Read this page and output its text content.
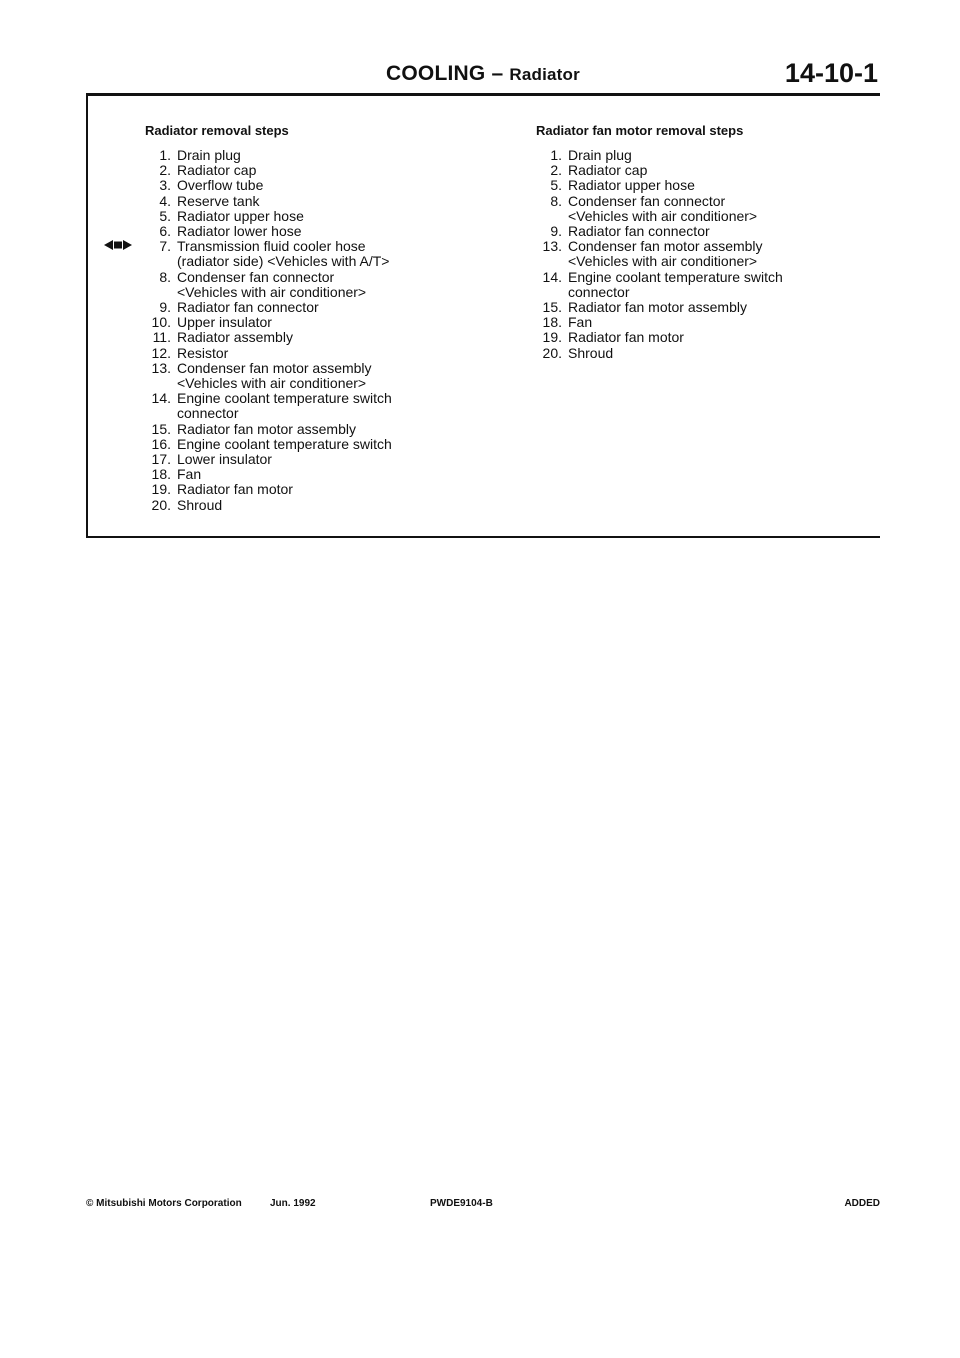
COOLING – Radiator	14-10-1
Radiator removal steps
1. Drain plug
2. Radiator cap
3. Overflow tube
4. Reserve tank
5. Radiator upper hose
6. Radiator lower hose
7. Transmission fluid cooler hose
(radiator side) <Vehicles with A/T>
8. Condenser fan connector
<Vehicles with air conditioner>
9. Radiator fan connector
10. Upper insulator
11. Radiator assembly
12. Resistor
13. Condenser fan motor assembly
<Vehicles with air conditioner>
14. Engine coolant temperature switch
connector
15. Radiator fan motor assembly
16. Engine coolant temperature switch
17. Lower insulator
18. Fan
19. Radiator fan motor
20. Shroud
Radiator fan motor removal steps
1. Drain plug
2. Radiator cap
5. Radiator upper hose
8. Condenser fan connector
<Vehicles with air conditioner>
9. Radiator fan connector
13. Condenser fan motor assembly
<Vehicles with air conditioner>
14. Engine coolant temperature switch
connector
15. Radiator fan motor assembly
18. Fan
19. Radiator fan motor
20. Shroud
© Mitsubishi Motors Corporation	Jun. 1992	PWDE9104-B	ADDED
